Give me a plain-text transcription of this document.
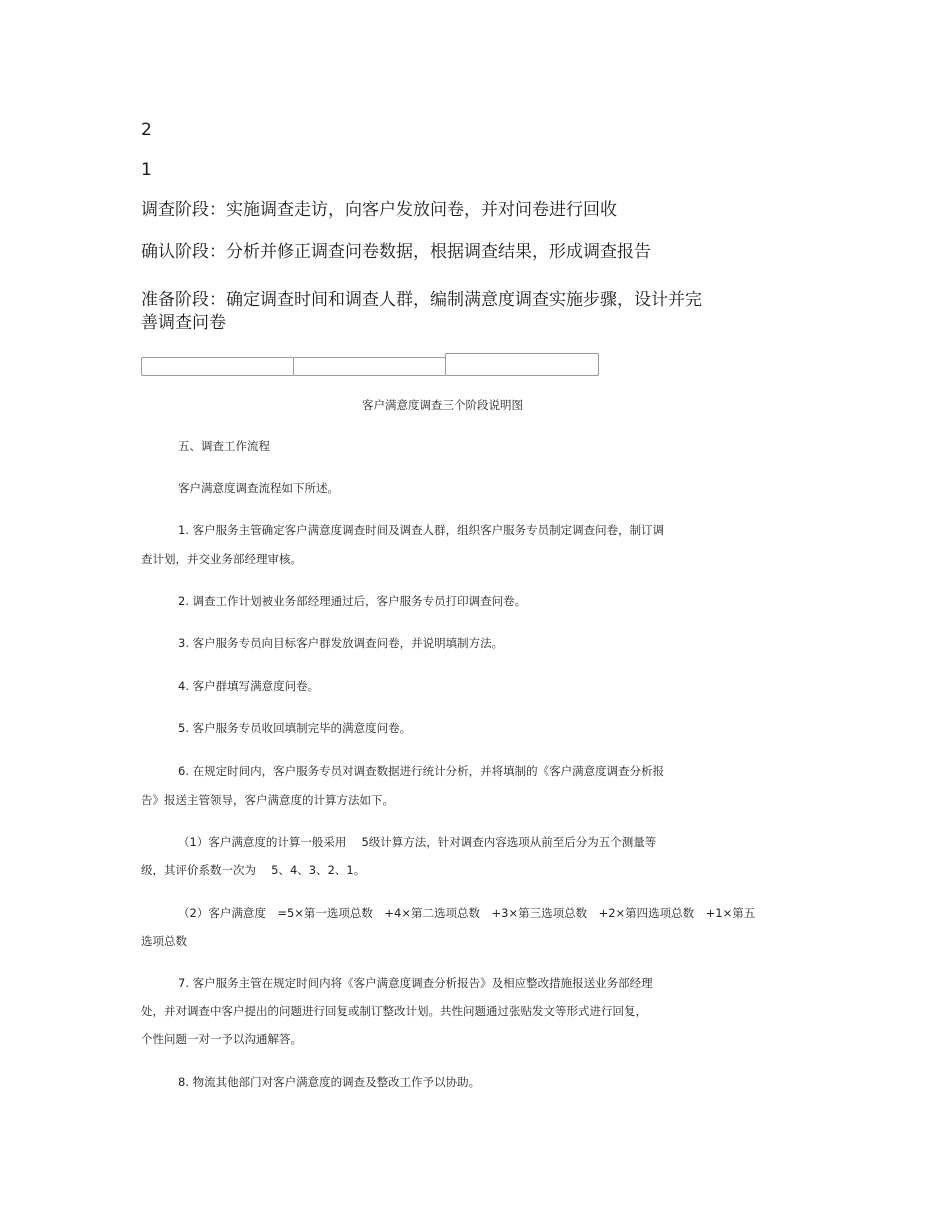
2
1
调查阶段：实施调查走访，向客户发放问卷，并对问卷进行回收
确认阶段：分析并修正调查问卷数据，根据调查结果，形成调查报告
准备阶段：确定调查时间和调查人群，编制满意度调查实施步骤，设计并完
善调查问卷
客户满意度调查三个阶段说明图
五、调查工作流程
客户满意度调查流程如下所述。
1. 客户服务主管确定客户满意度调查时间及调查人群，组织客户服务专员制定调查问卷，制订调
查计划，并交业务部经理审核。
2. 调查工作计划被业务部经理通过后，客户服务专员打印调查问卷。
3. 客户服务专员向目标客户群发放调查问卷，并说明填制方法。
4. 客户群填写满意度问卷。
5. 客户服务专员收回填制完毕的满意度问卷。
6. 在规定时间内，客户服务专员对调查数据进行统计分析，并将填制的《客户满意度调查分析报
告》报送主管领导，客户满意度的计算方法如下。
（1）客户满意度的计算一般采用　 5级计算方法，针对调查内容选项从前至后分为五个测量等
级，其评价系数一次为　 5、4、3、2、1。
（2）客户满意度　=5×第一选项总数　+4×第二选项总数　+3×第三选项总数　+2×第四选项总数　+1×第五
选项总数
7. 客户服务主管在规定时间内将《客户满意度调查分析报告》及相应整改措施报送业务部经理
处，并对调查中客户提出的问题进行回复或制订整改计划。共性问题通过张贴发文等形式进行回复，
个性问题一对一予以沟通解答。
8. 物流其他部门对客户满意度的调查及整改工作予以协助。
